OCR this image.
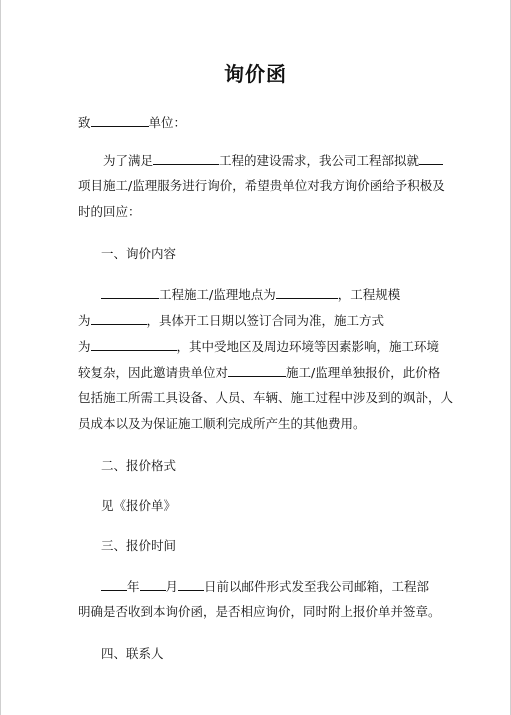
询价函
致	单位：
为了满足	工程的建设需求，我公司工程部拟就
项目施工/监理服务进行询价，希望贵单位对我方询价函给予积极及
时的回应：
一、询价内容
工程施工/监理地点为	，工程规模
为	，具体开工日期以签订合同为准，施工方式
为	，其中受地区及周边环境等因素影响，施工环境
较复杂，因此邀请贵单位对	施工/监理单独报价，此价格
包括施工所需工具设备、人员、车辆、施工过程中涉及到的飒訃，人
员成本以及为保证施工顺利完成所产生的其他费用。
二、报价格式
见《报价单》
三、报价时间
年 月 日前以邮件形式发至我公司邮箱，工程部
明确是否收到本询价函，是否相应询价，同时附上报价单并签章。
四、联系人
